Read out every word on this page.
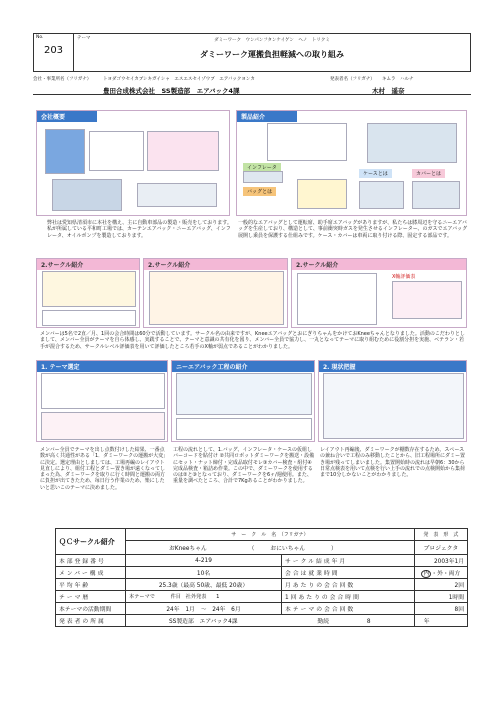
No.
203

テーマ	ダミーワーク　ウンパンフタンケイゲン　ヘノ　トリクミ
ダミーワーク運搬負担軽減への取り組み
会社・事業所名（フリガナ）	トヨダゴウセイカブシキガイシャ　エスエスセイゾウブ　エアバックヨンカ
豊田合成株式会社　SS製造部　エアバック4課
発表者名（フリガナ） キムラ　ハルナ
木村　遥奈
会社概要	製品紹介
インフレータ
バッグとは
ケースとは	カバーとは
弊社は愛知県清須市に本社を構え、主に自動車部品の製造・販売をしております。私が所属している平和町工場では、カーテンエアバック・ニーエアバッグ、インフレータ、オイルポンプを製造しております。
一般的なエアバッグとして運転席、助手席エアバッグがありますが、私たちは膝周辺を守るニーエアバッグを生産しており、構造として、事前衝突時ガスを発生させるインフレーター、のガスでエアバッグ展開し乗員を保護する仕組みです。ケース・カバーは車両に取り付ける際、固定する部品です。
2.サークル紹介	2.サークル紹介	2.サークル紹介
X軸評価表
メンバーは5名で2直／月、1回の会合時間は60分で活動しています。サークル名の由来ですが、KneeエアバッグとおにぎりちゃんをかけておKneeちゃんとなりました。活動のこだわりとしまして、メンバー全員がテーマを自ら体感し、実践することで、テーマと意識の共有化を図り、メンバー全員で協力し、一丸となってテーマに取り組むために役割分担を実施、ベテラン・若手が混合するため、サークルレベル評価表を用いて評価したところ若手のX軸が弱点であることがわかりました。
1. テーマ選定	ニーエアバック工程の紹介	2. 現状把握
メンバー全員でテーマを出し点数付けした結果、一番点数が高く共通性がある「1．ダミーワークの運搬が大変」に決定。選定理由としましては、工場再編のレイアウト見直しにより、組付工程とダミー置き場が遠くなってしまった為、ダミーワークを取りに行く時間と運搬の両方に負担が出てきたため、毎日行う作業のため、楽にしたいと思いこのテーマに決めました。
工程の流れとして、1.バッグ、インフレータ・ケースの仮組しバーコードを貼付け ②共同ロボットダミーワークを搬送・設備にセット・ナット締付・完成品取付モレ③カバー検査・組付④完成品検査・箱詰め作業。この中で、ダミーワークを使用するのは②と③となっており、ダミーワークを6ヶ/週使用。また、重量を調べたところ、合計で7Kgあることがわかりました。
レイアウト再編後、ダミーワークが棚数存在するため、スペースの兼ね合いで工程のみ移動したことから、旧工程場所にダミー置き場が残ってしまいました。集置開始時の流れは早朝6：30から日常点検表を用いて点検を行い上手の流れでの点検開始から集荷まで10分しかないことがわかりました。
ＱＣサークル紹介	サ　ー　ク　ル　名　（フリガナ）		発　表　形　式
	おKneeちゃん （ おにいちゃん ）		プロジェクタ
本部登録番号	4-219	サークル結成年月	2003年1月
メンバー構成	10名	会合は就業時間	内 ・外・両方
平均年齢	25.3歳（最高 50歳、最低 20歳）	月あたりの会合回数	2回
テーマ暦	本テーマで 件目 社外発表 1	1回あたりの会合時間	1時間
本テーマの活動期間	24年　1月　～　24年　6月	本テーマの会合回数	8回
発表者の所属	SS製造部　エアバック4課 勤続 8		年
